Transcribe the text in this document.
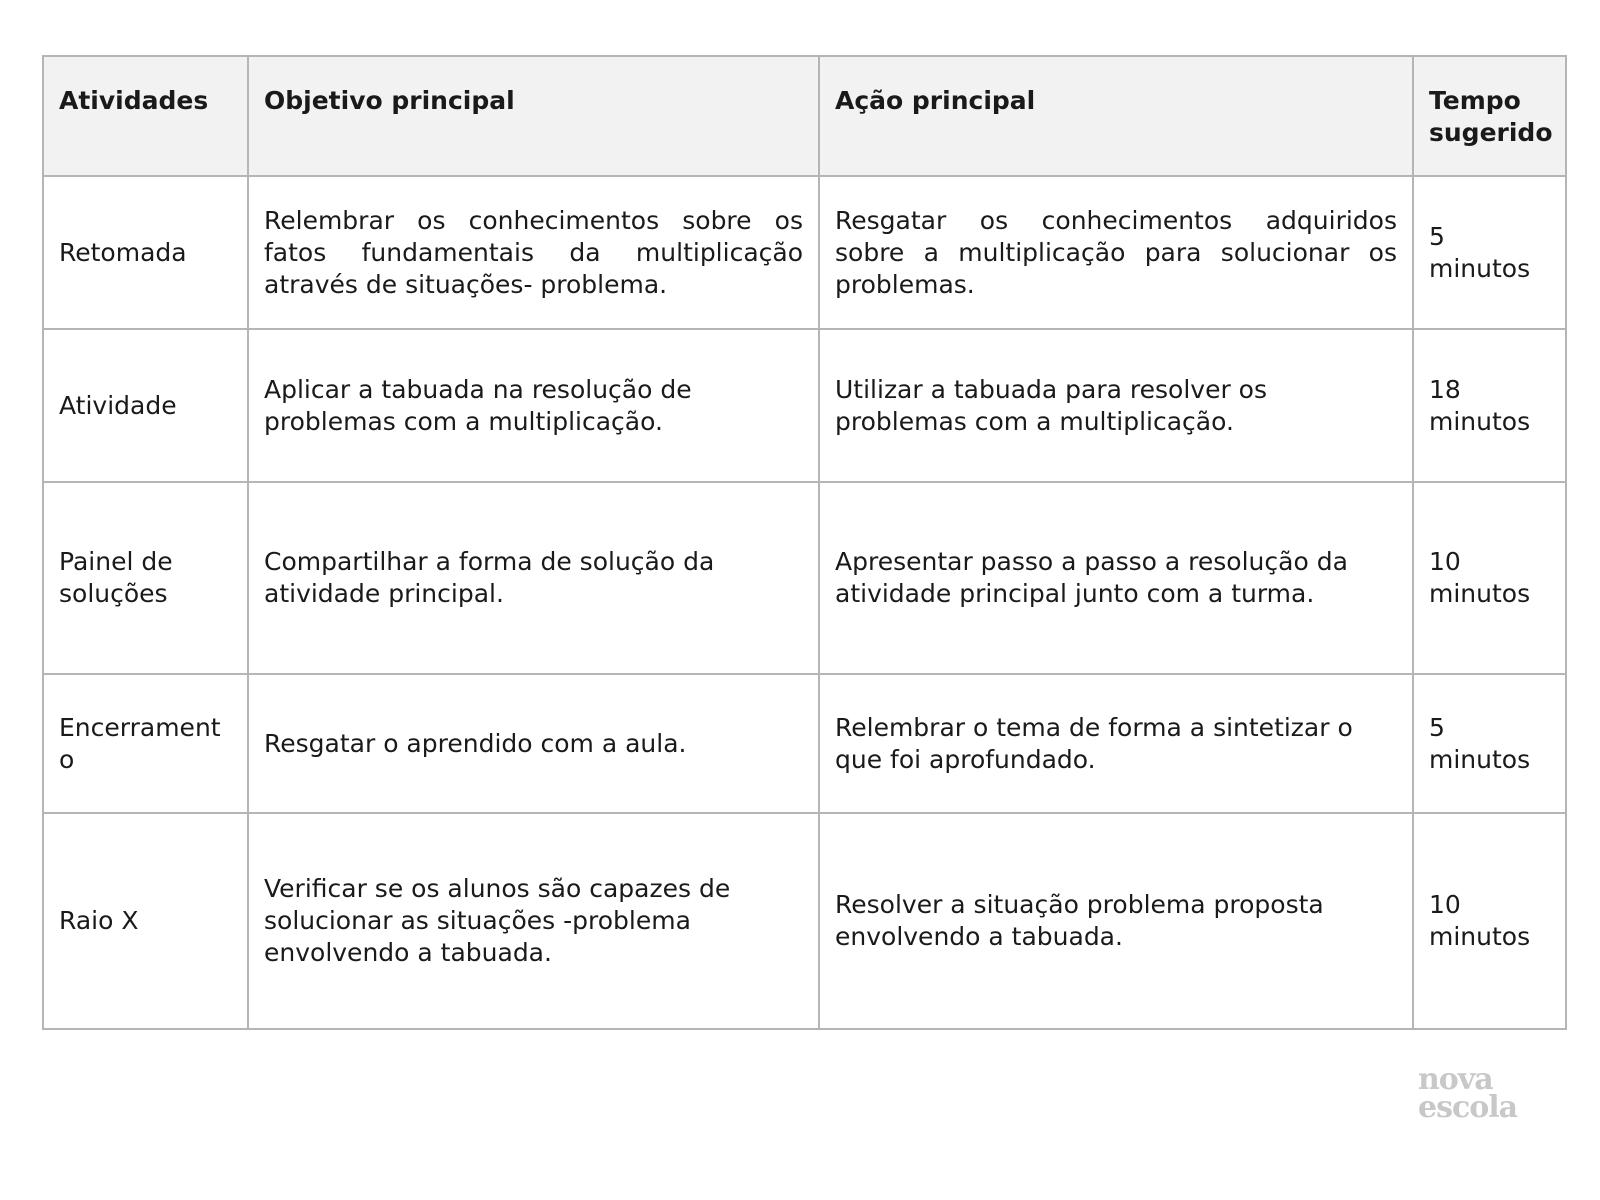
Atividades	Objetivo principal	Ação principal	Tempo sugerido
Retomada	Relembrar os conhecimentos sobre os fatos fundamentais da multiplicação através de situações- problema.	Resgatar os conhecimentos adquiridos sobre a multiplicação para solucionar os problemas.	5 minutos
Atividade	Aplicar a tabuada na resolução de problemas com a multiplicação.	Utilizar a tabuada para resolver os problemas com a multiplicação.	18 minutos
Painel de soluções	Compartilhar a forma de solução da atividade principal.	Apresentar passo a passo a resolução da atividade principal junto com a turma.	10 minutos
Encerramento	Resgatar o aprendido com a aula.	Relembrar o tema de forma a sintetizar o que foi aprofundado.	5 minutos
Raio X	Verificar se os alunos são capazes de solucionar as situações -problema envolvendo a tabuada.	Resolver a situação problema proposta envolvendo a tabuada.	10 minutos
nova
escola
